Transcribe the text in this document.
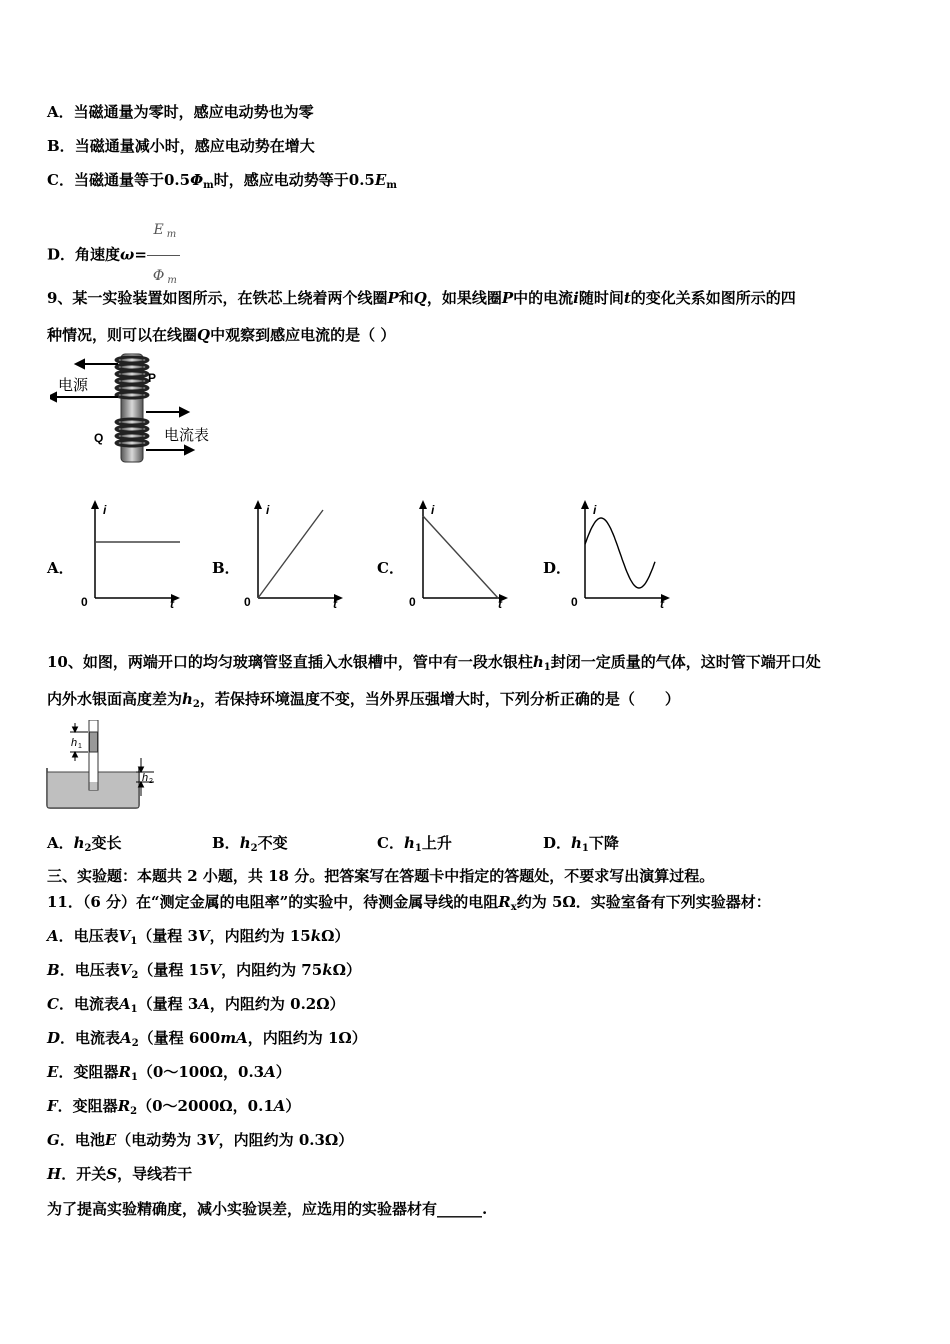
A．当磁通量为零时，感应电动势也为零
B．当磁通量减小时，感应电动势在增大
C．当磁通量等于$0.5\Phi_m$时，感应电动势等于$0.5E_m$
D．角速度$\omega= \frac{E _m}{\Phi _m}$
9、某一实验装置如图所示，在铁芯上绕着两个线圈P和Q，如果线圈P中的电流i随时间t的变化关系如图所示的四
种情况，则可以在线圈Q中观察到感应电流的是（ ）
电源	P
Q	电流表
A．	B．	C．	D．
i
t
0
i
t
0
i
t
0
i
t
0
10、如图，两端开口的均匀玻璃管竖直插入水银槽中，管中有一段水银柱$h_1$封闭一定质量的气体，这时管下端开口处
内外水银面高度差为$h_2$，若保持环境温度不变，当外界压强增大时，下列分析正确的是（　　）
h 1
h 2
A．$h_2$变长	B．$h_2$不变	C．$h_1$上升	D．$h_1$下降
三、实验题：本题共 2 小题，共 18 分。把答案写在答题卡中指定的答题处，不要求写出演算过程。
11．（6 分）在“测定金属的电阻率”的实验中，待测金属导线的电阻$R_x$约为 5Ω．实验室备有下列实验器材：
A．电压表$V_1$（量程 3V，内阻约为 15kΩ）
B．电压表$V_2$（量程 15V，内阻约为 75kΩ）
C．电流表$A_1$（量程 3A，内阻约为 0.2Ω）
D．电流表$A_2$（量程 600mA，内阻约为 1Ω）
E．变阻器$R_1(0\sim 100\Omega$，0.3A）
F．变阻器$R_2(0\sim 2000\Omega$，0.1A）
G．电池E（电动势为 3V，内阻约为 0.3Ω）
H．开关S，导线若干
为了提高实验精确度，减小实验误差，应选用的实验器材有______.
